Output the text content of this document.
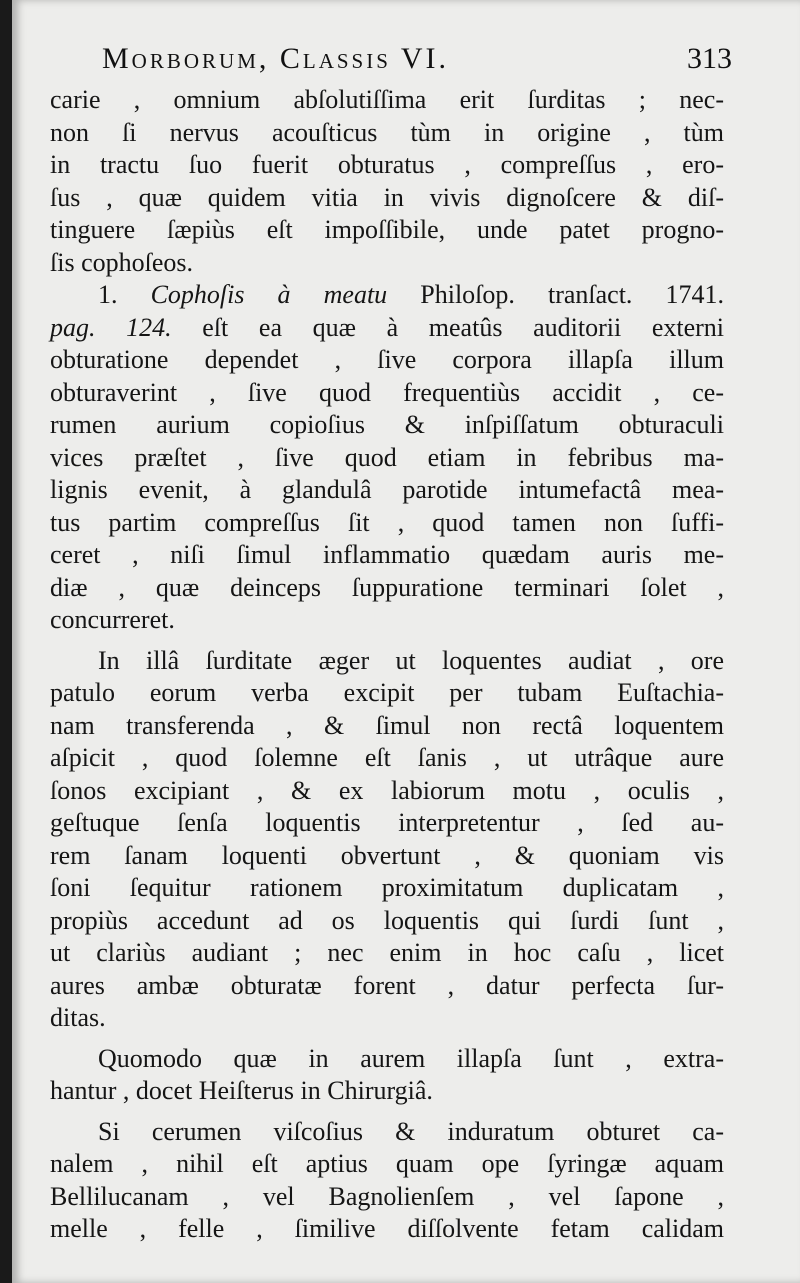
Morborum, Classis VI.	313
carie , omnium abſolutiſſima erit ſurditas ; nec-
non ſi nervus acouſticus tùm in origine , tùm
in tractu ſuo fuerit obturatus , compreſſus , ero-
ſus , quæ quidem vitia in vivis dignoſcere & diſ-
tinguere ſæpiùs eſt impoſſibile, unde patet progno-
ſis cophoſeos.
1. Cophoſis à meatu Philoſop. tranſact. 1741.
pag. 124. eſt ea quæ à meatûs auditorii externi
obturatione dependet , ſive corpora illapſa illum
obturaverint , ſive quod frequentiùs accidit , ce-
rumen aurium copioſius & inſpiſſatum obturaculi
vices præſtet , ſive quod etiam in febribus ma-
lignis evenit, à glandulâ parotide intumefactâ mea-
tus partim compreſſus ſit , quod tamen non ſuffi-
ceret , niſi ſimul inflammatio quædam auris me-
diæ , quæ deinceps ſuppuratione terminari ſolet ,
concurreret.
In illâ ſurditate æger ut loquentes audiat , ore
patulo eorum verba excipit per tubam Euſtachia-
nam transferenda , & ſimul non rectâ loquentem
aſpicit , quod ſolemne eſt ſanis , ut utrâque aure
ſonos excipiant , & ex labiorum motu , oculis ,
geſtuque ſenſa loquentis interpretentur , ſed au-
rem ſanam loquenti obvertunt , & quoniam vis
ſoni ſequitur rationem proximitatum duplicatam ,
propiùs accedunt ad os loquentis qui ſurdi ſunt ,
ut clariùs audiant ; nec enim in hoc caſu , licet
aures ambæ obturatæ forent , datur perfecta ſur-
ditas.
Quomodo quæ in aurem illapſa ſunt , extra-
hantur , docet Heiſterus in Chirurgiâ.
Si cerumen viſcoſius & induratum obturet ca-
nalem , nihil eſt aptius quam ope ſyringæ aquam
Bellilucanam , vel Bagnolienſem , vel ſapone ,
melle , felle , ſimilive diſſolvente fetam calidam
